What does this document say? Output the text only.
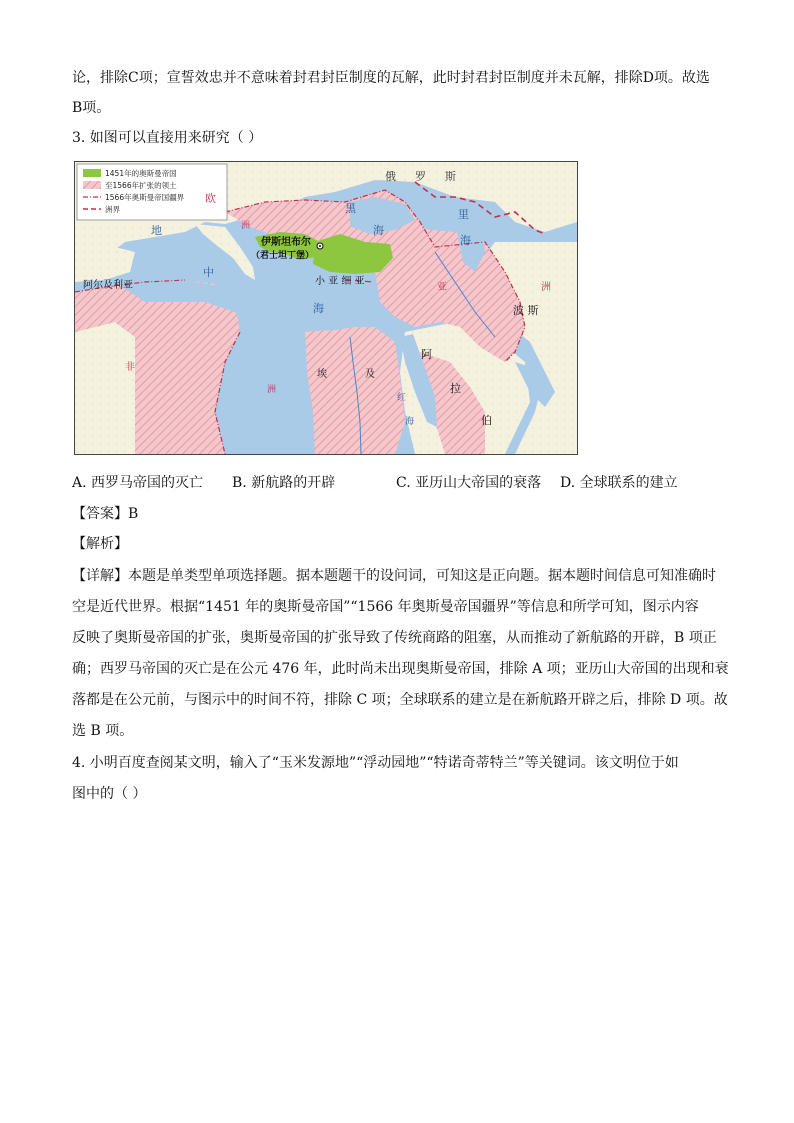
论，排除C项；宣誓效忠并不意味着封君封臣制度的瓦解，此时封君封臣制度并未瓦解，排除D项。故选
B项。
3. 如图可以直接用来研究（ ）
1451年的奥斯曼帝国
至1566年扩张的领土
1566年奥斯曼帝国疆界
洲界
俄 罗 斯
欧
洲
黑
海
里
海
伊斯坦布尔
（君士坦丁堡）
小 亚 细 亚
亚	洲
波 斯
阿尔及利亚
地
中
海
非
洲
埃	及
红
海
阿
拉
伯
A. 西罗马帝国的灭亡 B. 新航路的开辟	C. 亚历山大帝国的衰落 D. 全球联系的建立
【答案】B
【解析】
【详解】本题是单类型单项选择题。据本题题干的设问词，可知这是正向题。据本题时间信息可知准确时
空是近代世界。根据“1451 年的奥斯曼帝国”“1566 年奥斯曼帝国疆界”等信息和所学可知，图示内容
反映了奥斯曼帝国的扩张，奥斯曼帝国的扩张导致了传统商路的阻塞，从而推动了新航路的开辟，B 项正
确；西罗马帝国的灭亡是在公元 476 年，此时尚未出现奥斯曼帝国，排除 A 项；亚历山大帝国的出现和衰
落都是在公元前，与图示中的时间不符，排除 C 项；全球联系的建立是在新航路开辟之后，排除 D 项。故
选 B 项。
4. 小明百度查阅某文明，输入了“玉米发源地”“浮动园地”“特诺奇蒂特兰”等关键词。该文明位于如
图中的（ ）
